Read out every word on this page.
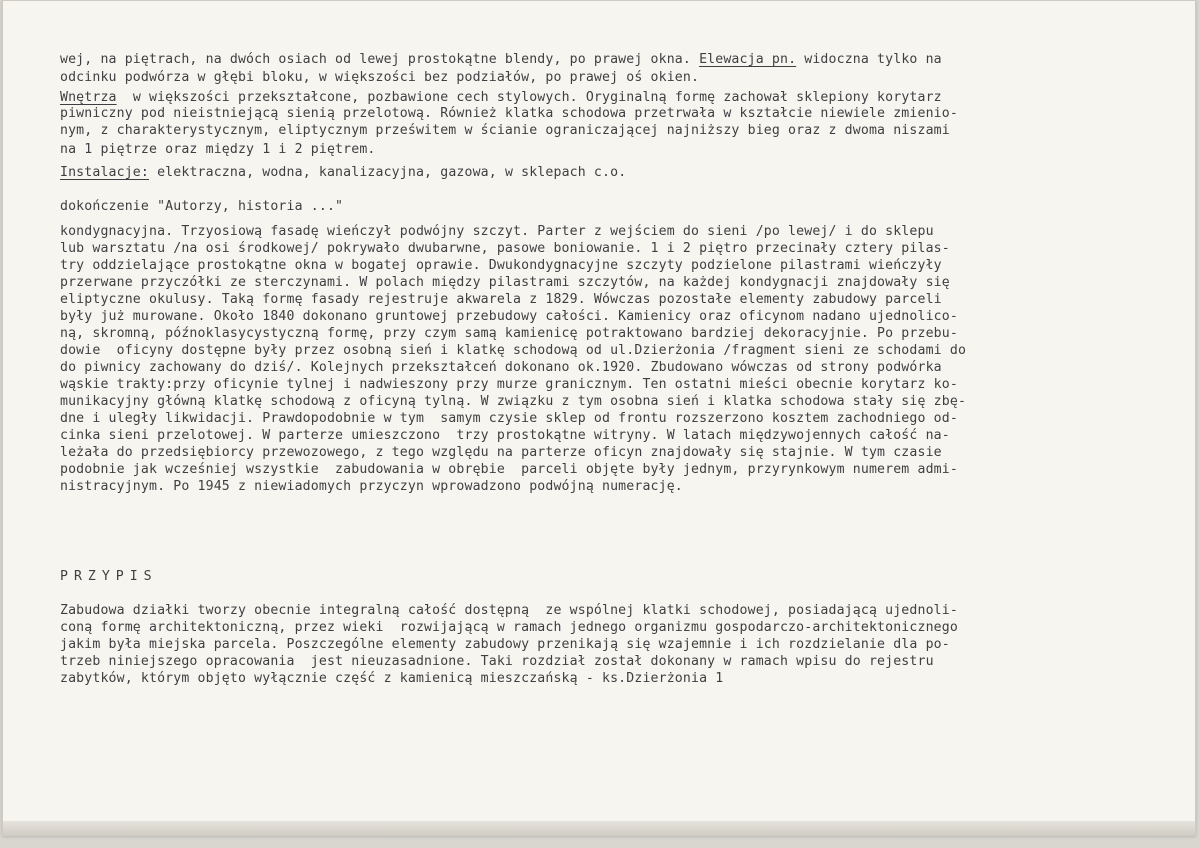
wej, na piętrach, na dwóch osiach od lewej prostokątne blendy, po prawej okna. Elewacja pn. widoczna tylko na
odcinku podwórza w głębi bloku, w większości bez podziałów, po prawej oś okien.
Wnętrza  w większości przekształcone, pozbawione cech stylowych. Oryginalną formę zachował sklepiony korytarz
piwniczny pod nieistniejącą sienią przelotową. Również klatka schodowa przetrwała w kształcie niewiele zmienio-
nym, z charakterystycznym, eliptycznym prześwitem w ścianie ograniczającej najniższy bieg oraz z dwoma niszami
na 1 piętrze oraz między 1 i 2 piętrem.
Instalacje: elektraczna, wodna, kanalizacyjna, gazowa, w sklepach c.o.
dokończenie "Autorzy, historia ..."
kondygnacyjna. Trzyosiową fasadę wieńczył podwójny szczyt. Parter z wejściem do sieni /po lewej/ i do sklepu
lub warsztatu /na osi środkowej/ pokrywało dwubarwne, pasowe boniowanie. 1 i 2 piętro przecinały cztery pilas-
try oddzielające prostokątne okna w bogatej oprawie. Dwukondygnacyjne szczyty podzielone pilastrami wieńczyły
przerwane przyczółki ze sterczynami. W polach między pilastrami szczytów, na każdej kondygnacji znajdowały się
eliptyczne okulusy. Taką formę fasady rejestruje akwarela z 1829. Wówczas pozostałe elementy zabudowy parceli
były już murowane. Około 1840 dokonano gruntowej przebudowy całości. Kamienicy oraz oficynom nadano ujednolico-
ną, skromną, późnoklasycystyczną formę, przy czym samą kamienicę potraktowano bardziej dekoracyjnie. Po przebu-
dowie  oficyny dostępne były przez osobną sień i klatkę schodową od ul.Dzierżonia /fragment sieni ze schodami do
do piwnicy zachowany do dziś/. Kolejnych przekształceń dokonano ok.1920. Zbudowano wówczas od strony podwórka
wąskie trakty:przy oficynie tylnej i nadwieszony przy murze granicznym. Ten ostatni mieści obecnie korytarz ko-
munikacyjny główną klatkę schodową z oficyną tylną. W związku z tym osobna sień i klatka schodowa stały się zbę-
dne i uległy likwidacji. Prawdopodobnie w tym  samym czysie sklep od frontu rozszerzono kosztem zachodniego od-
cinka sieni przelotowej. W parterze umieszczono  trzy prostokątne witryny. W latach międzywojennych całość na-
leżała do przedsiębiorcy przewozowego, z tego względu na parterze oficyn znajdowały się stajnie. W tym czasie
podobnie jak wcześniej wszystkie  zabudowania w obrębie  parceli objęte były jednym, przyrynkowym numerem admi-
nistracyjnym. Po 1945 z niewiadomych przyczyn wprowadzono podwójną numerację.
PRZYPIS
Zabudowa działki tworzy obecnie integralną całość dostępną  ze wspólnej klatki schodowej, posiadającą ujednoli-
coną formę architektoniczną, przez wieki  rozwijającą w ramach jednego organizmu gospodarczo-architektonicznego
jakim była miejska parcela. Poszczególne elementy zabudowy przenikają się wzajemnie i ich rozdzielanie dla po-
trzeb niniejszego opracowania  jest nieuzasadnione. Taki rozdział został dokonany w ramach wpisu do rejestru
zabytków, którym objęto wyłącznie część z kamienicą mieszczańską - ks.Dzierżonia 1
